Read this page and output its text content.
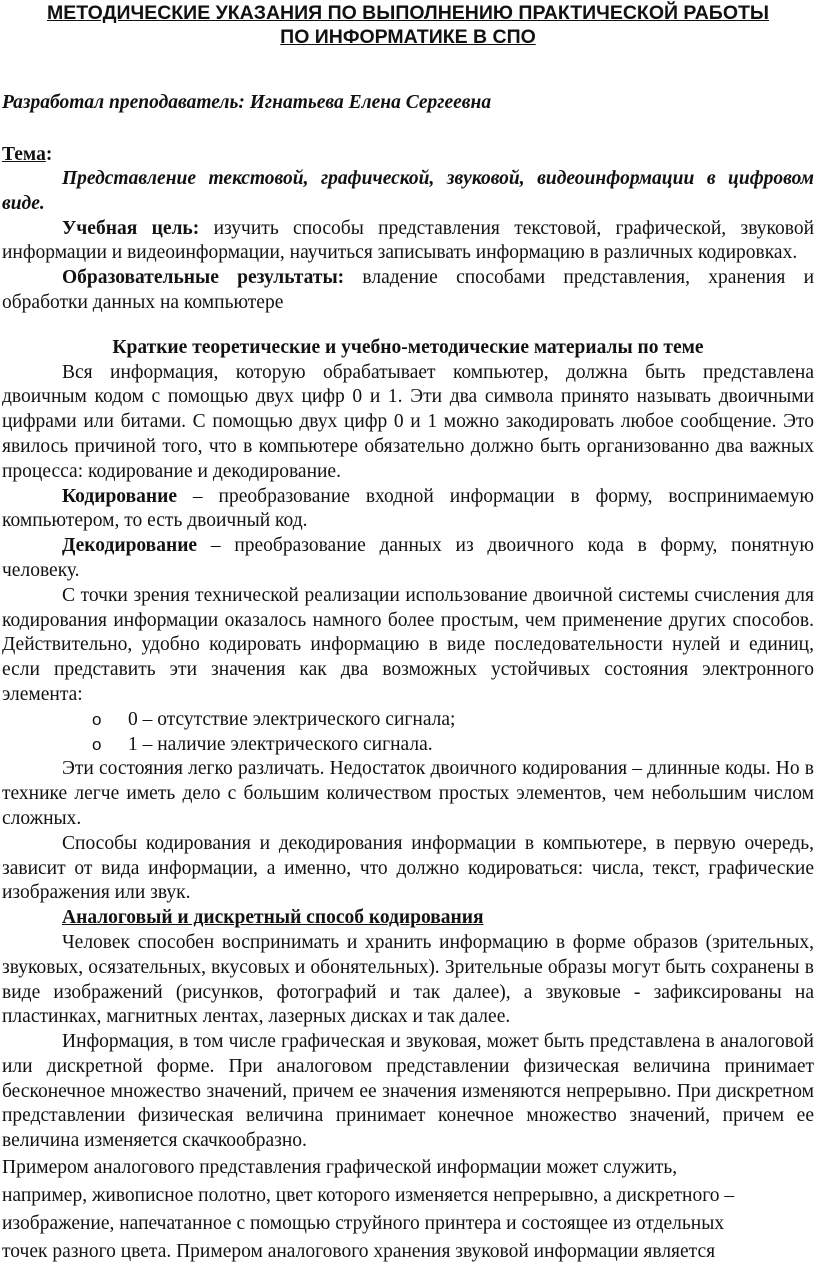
МЕТОДИЧЕСКИЕ УКАЗАНИЯ ПО ВЫПОЛНЕНИЮ ПРАКТИЧЕСКОЙ РАБОТЫ
ПО ИНФОРМАТИКЕ В СПО
Разработал преподаватель: Игнатьева Елена Сергеевна
Тема:

Представление текстовой, графической, звуковой, видеоинформации в цифровом виде.

Учебная цель: изучить способы представления текстовой, графической, звуковой информации и видеоинформации, научиться записывать информацию в различных кодировках.

Образовательные результаты: владение способами представления, хранения и обработки данных на компьютере

Краткие теоретические и учебно-методические материалы по теме

Вся информация, которую обрабатывает компьютер, должна быть представлена двоичным кодом с помощью двух цифр 0 и 1. Эти два символа принято называть двоичными цифрами или битами. С помощью двух цифр 0 и 1 можно закодировать любое сообщение. Это явилось причиной того, что в компьютере обязательно должно быть организованно два важных процесса: кодирование и декодирование.

Кодирование – преобразование входной информации в форму, воспринимаемую компьютером, то есть двоичный код.

Декодирование – преобразование данных из двоичного кода в форму, понятную человеку.

С точки зрения технической реализации использование двоичной системы счисления для кодирования информации оказалось намного более простым, чем применение других способов. Действительно, удобно кодировать информацию в виде последовательности нулей и единиц, если представить эти значения как два возможных устойчивых состояния электронного элемента:

o 0 – отсутствие электрического сигнала;
o 1 – наличие электрического сигнала.

Эти состояния легко различать. Недостаток двоичного кодирования – длинные коды. Но в технике легче иметь дело с большим количеством простых элементов, чем небольшим числом сложных.

Способы кодирования и декодирования информации в компьютере, в первую очередь, зависит от вида информации, а именно, что должно кодироваться: числа, текст, графические изображения или звук.

Аналоговый и дискретный способ кодирования

Человек способен воспринимать и хранить информацию в форме образов (зрительных, звуковых, осязательных, вкусовых и обонятельных). Зрительные образы могут быть сохранены в виде изображений (рисунков, фотографий и так далее), а звуковые - зафиксированы на пластинках, магнитных лентах, лазерных дисках и так далее.

Информация, в том числе графическая и звуковая, может быть представлена в аналоговой или дискретной форме. При аналоговом представлении физическая величина принимает бесконечное множество значений, причем ее значения изменяются непрерывно. При дискретном представлении физическая величина принимает конечное множество значений, причем ее величина изменяется скачкообразно.

Примером аналогового представления графической информации может служить,

например, живописное полотно, цвет которого изменяется непрерывно, а дискретного –

изображение, напечатанное с помощью струйного принтера и состоящее из отдельных

точек разного цвета. Примером аналогового хранения звуковой информации является
